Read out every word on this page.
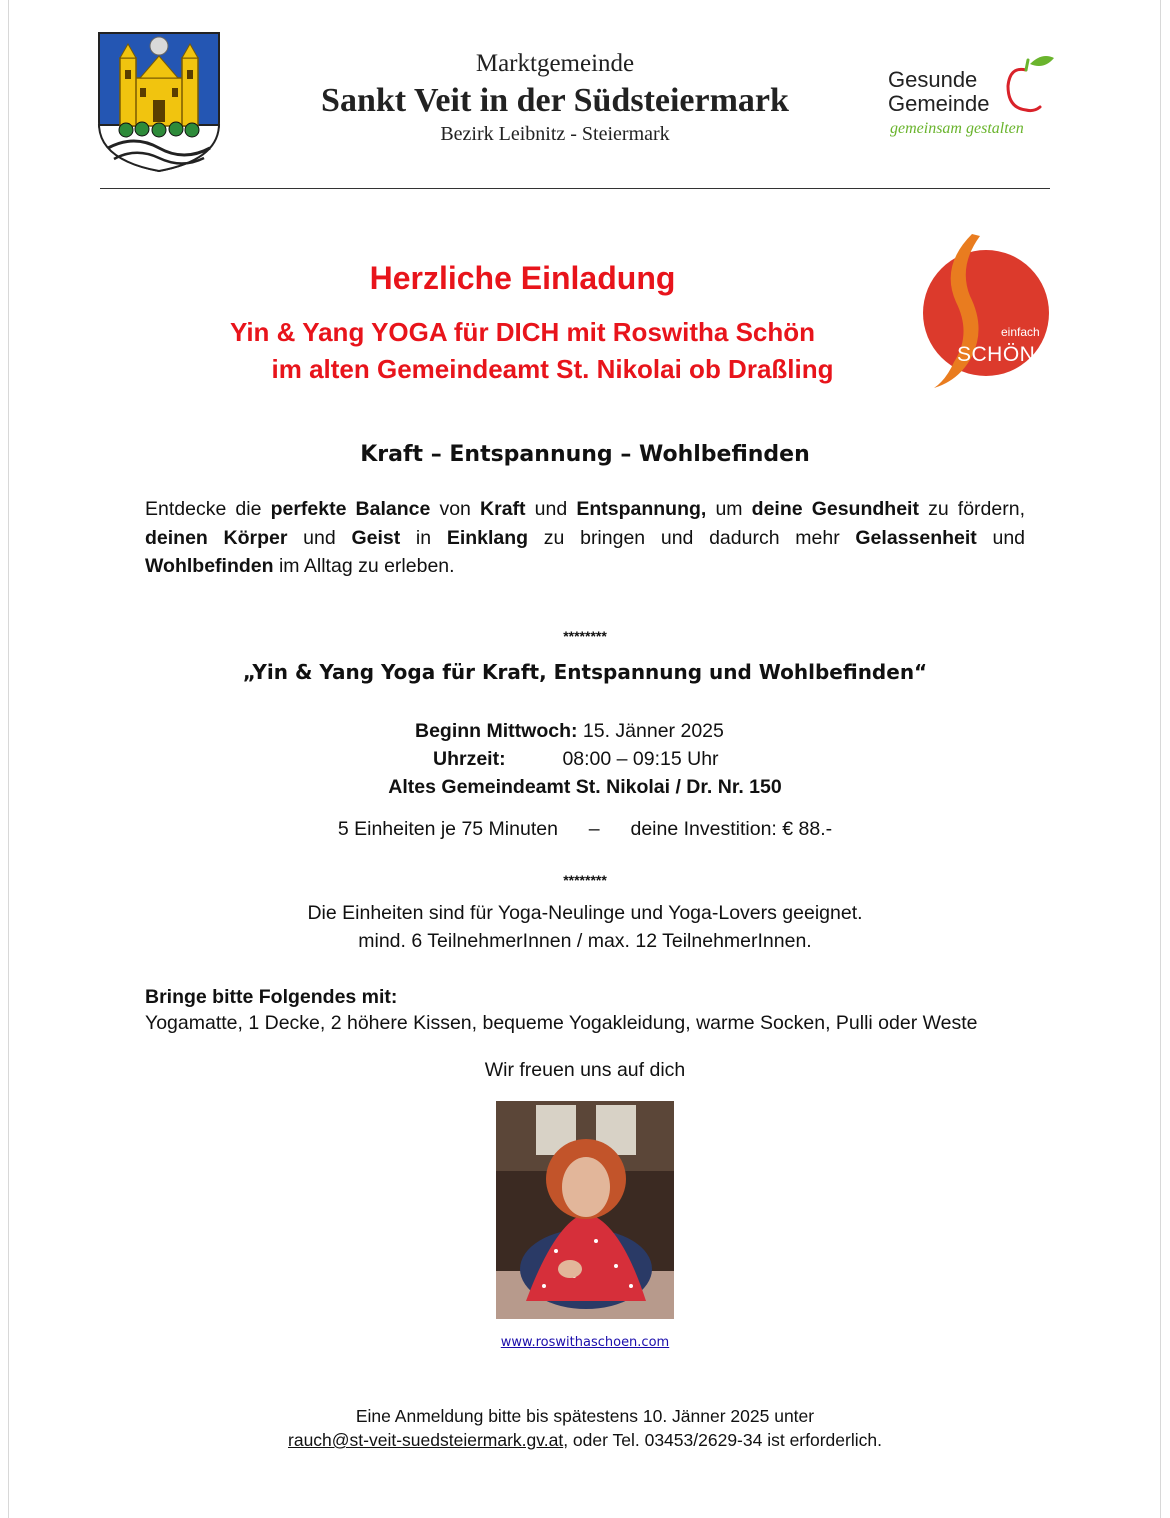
Marktgemeinde
Sankt Veit in der Südsteiermark
Bezirk Leibnitz - Steiermark
Gesunde
Gemeinde
gemeinsam gestalten
Herzliche Einladung
Yin & Yang YOGA für DICH mit Roswitha Schön
im alten Gemeindeamt St. Nikolai ob Draßling
einfach
SCHÖN
Kraft – Entspannung – Wohlbefinden
Entdecke die perfekte Balance von Kraft und Entspannung, um deine Gesundheit zu fördern, deinen Körper und Geist in Einklang zu bringen und dadurch mehr Gelassenheit und Wohlbefinden im Alltag zu erleben.
********
„Yin & Yang Yoga für Kraft, Entspannung und Wohlbefinden“
Beginn Mittwoch: 15. Jänner 2025
Uhrzeit:	08:00 – 09:15 Uhr
Altes Gemeindeamt St. Nikolai / Dr. Nr. 150
5 Einheiten je 75 Minuten – deine Investition: € 88.-
********
Die Einheiten sind für Yoga-Neulinge und Yoga-Lovers geeignet.
mind. 6 TeilnehmerInnen / max. 12 TeilnehmerInnen.
Bringe bitte Folgendes mit:
Yogamatte, 1 Decke, 2 höhere Kissen, bequeme Yogakleidung, warme Socken, Pulli oder Weste
Wir freuen uns auf dich
www.roswithaschoen.com
Eine Anmeldung bitte bis spätestens 10. Jänner 2025 unter
rauch@st-veit-suedsteiermark.gv.at, oder Tel. 03453/2629-34 ist erforderlich.
